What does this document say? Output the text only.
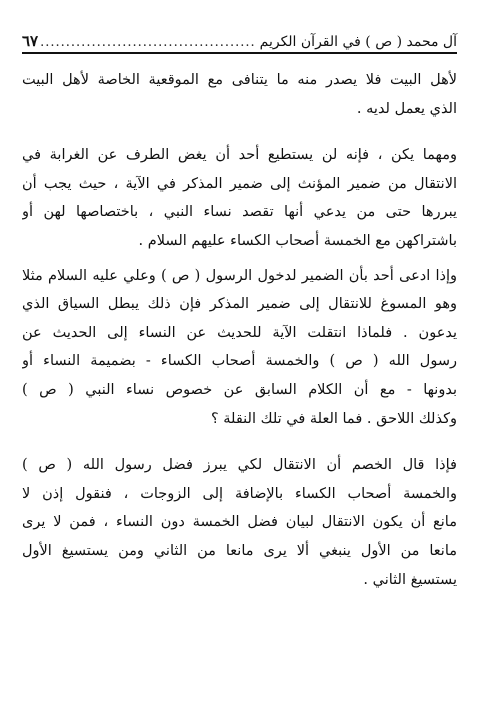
آل محمد ( ص ) في القرآن الكريم
..........................................
٦٧

لأهل البيت فلا يصدر منه ما يتنافى مع الموقعية الخاصة لأهل البيت
الذي يعمل لديه .

ومهما يكن ، فإنه لن يستطيع أحد أن يغض الطرف عن الغرابة في
الانتقال من ضمير المؤنث إلى ضمير المذكر في الآية ، حيث يجب أن
يبررها حتى من يدعي أنها تقصد نساء النبي ، باختصاصها لهن أو
باشتراكهن مع الخمسة أصحاب الكساء عليهم السلام .

وإذا ادعى أحد بأن الضمير لدخول الرسول ( ص ) وعلي عليه السلام مثلا
وهو المسوغ للانتقال إلى ضمير المذكر فإن ذلك يبطل السياق الذي
يدعون . فلماذا انتقلت الآية للحديث عن النساء إلى الحديث عن
رسول الله ( ص ) والخمسة أصحاب الكساء - بضميمة النساء أو
بدونها - مع أن الكلام السابق عن خصوص نساء النبي ( ص )
وكذلك اللاحق . فما العلة في تلك النقلة ؟

فإذا قال الخصم أن الانتقال لكي يبرز فضل رسول الله ( ص )
والخمسة أصحاب الكساء بالإضافة إلى الزوجات ، فنقول إذن لا
مانع أن يكون الانتقال لبيان فضل الخمسة دون النساء ، فمن لا يرى
مانعا من الأول ينبغي ألا يرى مانعا من الثاني ومن يستسيغ الأول
يستسيغ الثاني .
